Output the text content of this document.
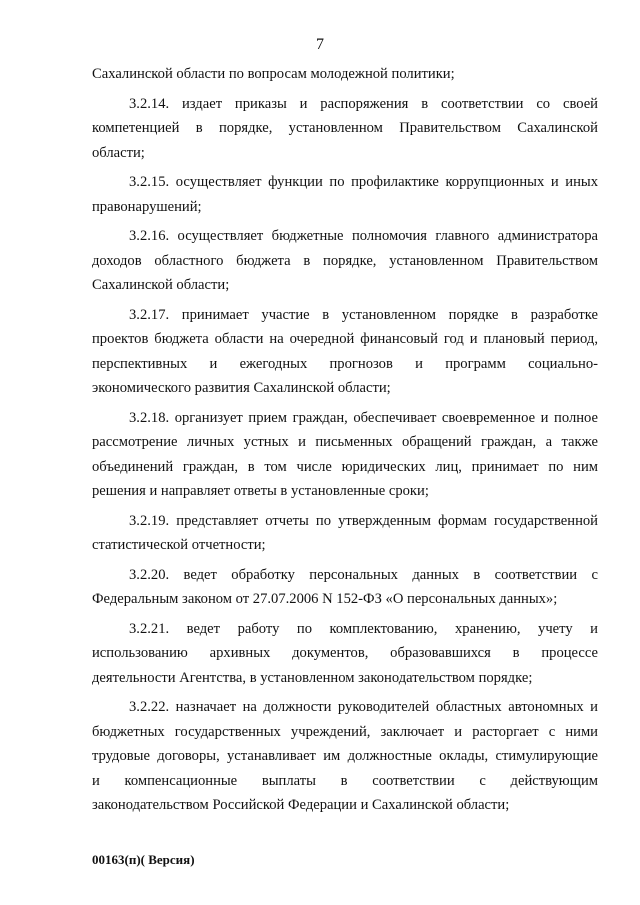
7
Сахалинской области по вопросам молодежной политики;
3.2.14. издает приказы и распоряжения в соответствии со своей
компетенцией в порядке, установленном Правительством Сахалинской
области;
3.2.15. осуществляет функции по профилактике коррупционных и иных
правонарушений;
3.2.16. осуществляет бюджетные полномочия главного администратора
доходов областного бюджета в порядке, установленном Правительством
Сахалинской области;
3.2.17. принимает участие в установленном порядке в разработке
проектов бюджета области на очередной финансовый год и плановый период,
перспективных и ежегодных прогнозов и программ социально-
экономического развития Сахалинской области;
3.2.18. организует прием граждан, обеспечивает своевременное и полное
рассмотрение личных устных и письменных обращений граждан, а также
объединений граждан, в том числе юридических лиц, принимает по ним
решения и направляет ответы в установленные сроки;
3.2.19. представляет отчеты по утвержденным формам государственной
статистической отчетности;
3.2.20. ведет обработку персональных данных в соответствии с
Федеральным законом от 27.07.2006 N 152-ФЗ «О персональных данных»;
3.2.21. ведет работу по комплектованию, хранению, учету и
использованию архивных документов, образовавшихся в процессе
деятельности Агентства, в установленном законодательством порядке;
3.2.22. назначает на должности руководителей областных автономных и
бюджетных государственных учреждений, заключает и расторгает с ними
трудовые договоры, устанавливает им должностные оклады, стимулирующие
и компенсационные выплаты в соответствии с действующим
законодательством Российской Федерации и Сахалинской области;
00163(п)( Версия)
